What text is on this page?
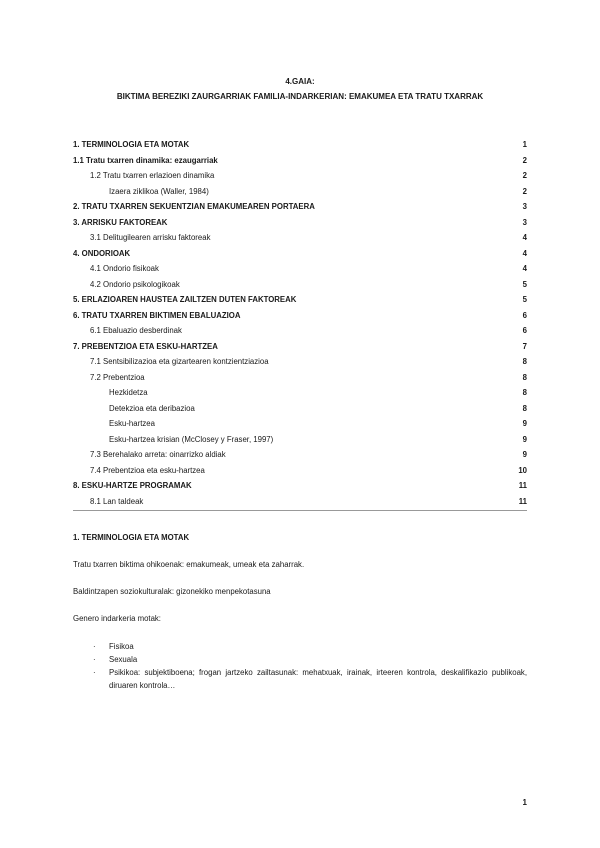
4.GAIA:
BIKTIMA BEREZIKI ZAURGARRIAK FAMILIA-INDARKERIAN: EMAKUMEA ETA TRATU TXARRAK
1. TERMINOLOGIA ETA MOTAK	1
1.1 Tratu txarren dinamika: ezaugarriak	2
1.2 Tratu txarren erlazioen dinamika	2
Izaera ziklikoa (Waller, 1984)	2
2. TRATU TXARREN SEKUENTZIAN EMAKUMEAREN PORTAERA	3
3. ARRISKU FAKTOREAK	3
3.1 Delitugilearen arrisku faktoreak	4
4. ONDORIOAK	4
4.1 Ondorio fisikoak	4
4.2 Ondorio psikologikoak	5
5. ERLAZIOAREN HAUSTEA ZAILTZEN DUTEN FAKTOREAK	5
6. TRATU TXARREN BIKTIMEN EBALUAZIOA	6
6.1 Ebaluazio desberdinak	6
7. PREBENTZIOA ETA ESKU-HARTZEA	7
7.1 Sentsibilizazioa eta gizartearen kontzientziazioa	8
7.2 Prebentzioa	8
Hezkidetza	8
Detekzioa eta deribazioa	8
Esku-hartzea	9
Esku-hartzea krisian (McClosey y Fraser, 1997)	9
7.3 Berehalako arreta: oinarrizko aldiak	9
7.4 Prebentzioa eta esku-hartzea	10
8. ESKU-HARTZE PROGRAMAK	11
8.1 Lan taldeak	11
1. TERMINOLOGIA ETA MOTAK
Tratu txarren biktima ohikoenak: emakumeak, umeak eta zaharrak.
Baldintzapen soziokulturalak: gizonekiko menpekotasuna
Genero indarkeria motak:
·	Fisikoa
·	Sexuala
·	Psikikoa: subjektiboena; frogan jartzeko zailtasunak: mehatxuak, irainak, irteeren kontrola, deskalifikazio publikoak, diruaren kontrola…
1
